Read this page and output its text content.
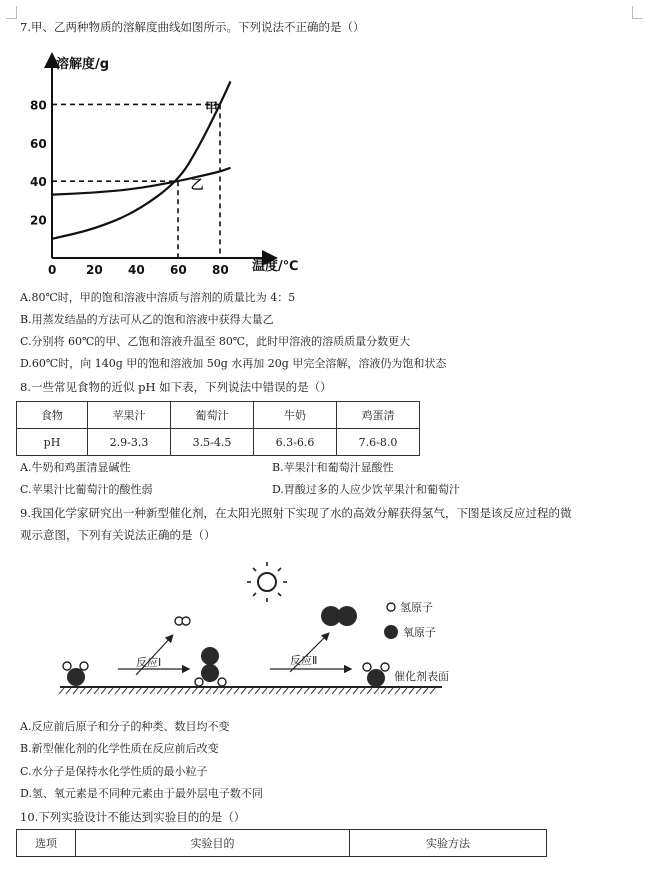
7.甲、乙两种物质的溶解度曲线如图所示。下列说法不正确的是（）
0 20 40 60 80
20
40
60
80
溶解度/g
温度/℃
甲
乙
A.80℃时，甲的饱和溶液中溶质与溶剂的质量比为 4：5
B.用蒸发结晶的方法可从乙的饱和溶液中获得大量乙
C.分别将 60℃的甲、乙饱和溶液升温至 80℃，此时甲溶液的溶质质量分数更大
D.60℃时，向 140g 甲的饱和溶液加 50g 水再加 20g 甲完全溶解，溶液仍为饱和状态
8.一些常见食物的近似 pH 如下表，下列说法中错误的是（）
食物	苹果汁	葡萄汁	牛奶	鸡蛋清
pH	2.9-3.3	3.5-4.5	6.3-6.6	7.6-8.0
A.牛奶和鸡蛋清显碱性	B.苹果汁和葡萄汁显酸性
C.苹果汁比葡萄汁的酸性弱	D.胃酸过多的人应少饮苹果汁和葡萄汁
9.我国化学家研究出一种新型催化剂，在太阳光照射下实现了水的高效分解获得氢气，下图是该反应过程的微
观示意图，下列有关说法正确的是（）
氢原子
氧原子
反应Ⅰ	反应Ⅱ
催化剂表面
A.反应前后原子和分子的种类、数目均不变
B.新型催化剂的化学性质在反应前后改变
C.水分子是保持水化学性质的最小粒子
D.氢、氧元素是不同种元素由于最外层电子数不同
10.下列实验设计不能达到实验目的的是（）
选项	实验目的	实验方法
